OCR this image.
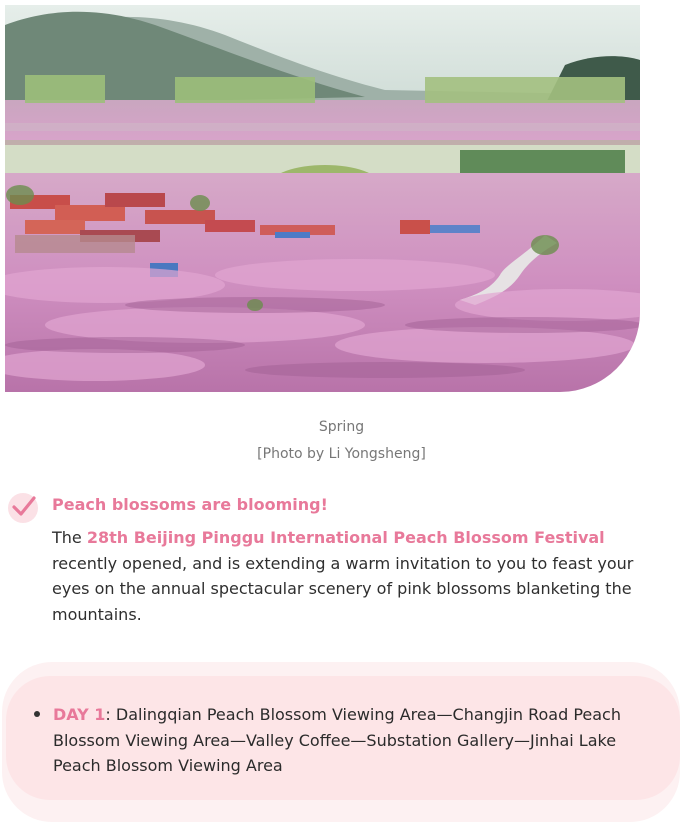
Spring
[Photo by Li Yongsheng]
Peach blossoms are blooming!

The 28th Beijing Pinggu International Peach Blossom Festival recently opened, and is extending a warm invitation to you to feast your eyes on the annual spectacular scenery of pink blossoms blanketing the mountains.

DAY 1: Dalingqian Peach Blossom Viewing Area—Changjin Road Peach Blossom Viewing Area—Valley Coffee—Substation Gallery—Jinhai Lake Peach Blossom Viewing Area
